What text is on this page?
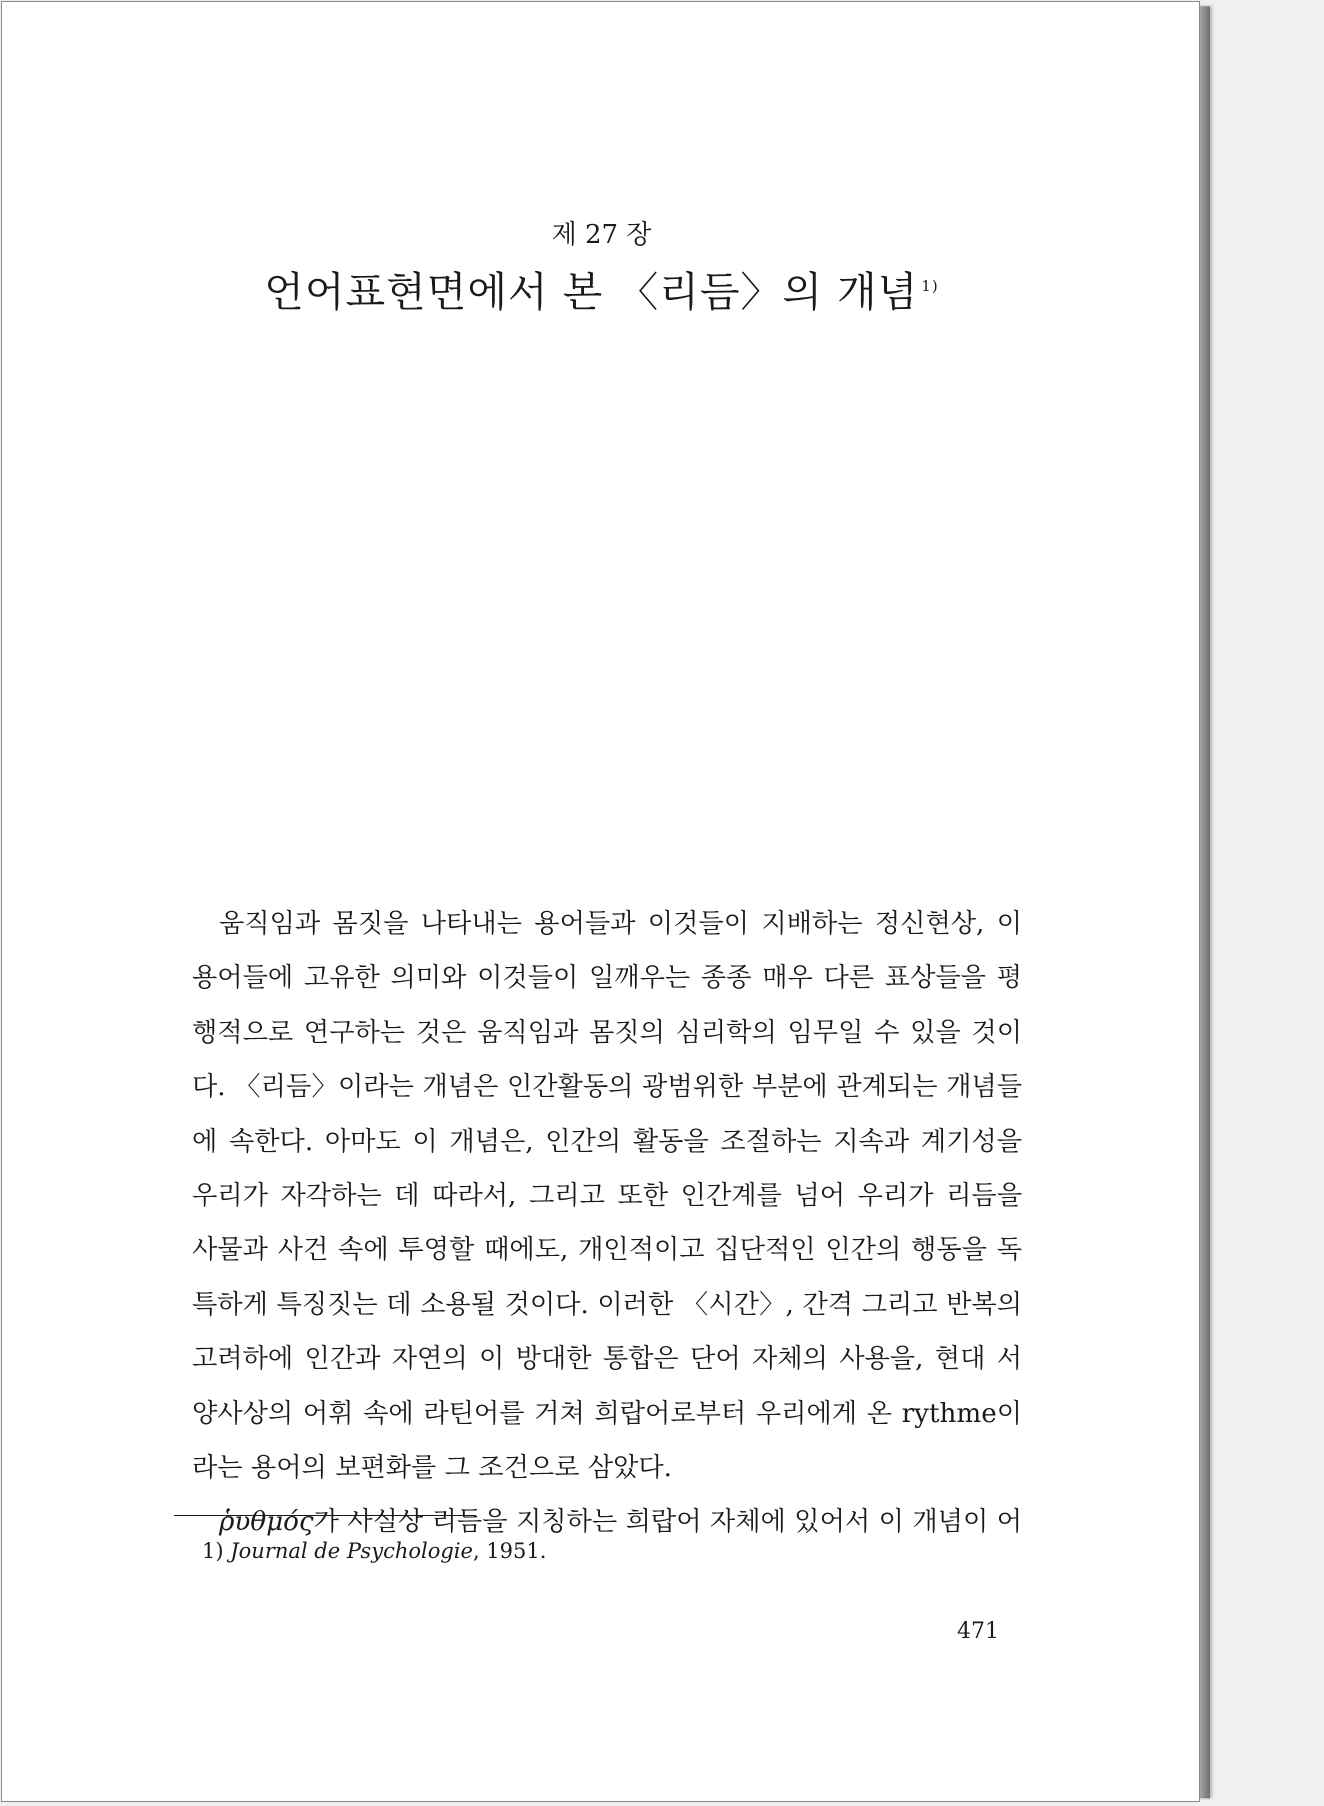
제 27 장
언어표현면에서 본 〈리듬〉의 개념 $^{1)}$
움직임과 몸짓을 나타내는 용어들과 이것들이 지배하는 정신현상, 이
용어들에 고유한 의미와 이것들이 일깨우는 종종 매우 다른 표상들을 평
행적으로 연구하는 것은 움직임과 몸짓의 심리학의 임무일 수 있을 것이
다. 〈리듬〉이라는 개념은 인간활동의 광범위한 부분에 관계되는 개념들
에 속한다. 아마도 이 개념은, 인간의 활동을 조절하는 지속과 계기성을
우리가 자각하는 데 따라서, 그리고 또한 인간계를 넘어 우리가 리듬을
사물과 사건 속에 투영할 때에도, 개인적이고 집단적인 인간의 행동을 독
특하게 특징짓는 데 소용될 것이다. 이러한 〈시간〉, 간격 그리고 반복의
고려하에 인간과 자연의 이 방대한 통합은 단어 자체의 사용을, 현대 서
양사상의 어휘 속에 라틴어를 거쳐 희랍어로부터 우리에게 온 rythme이
라는 용어의 보편화를 그 조건으로 삼았다.
ῥυθμός가 사실상 리듬을 지칭하는 희랍어 자체에 있어서 이 개념이 어
1) Journal de Psychologie, 1951.
471
